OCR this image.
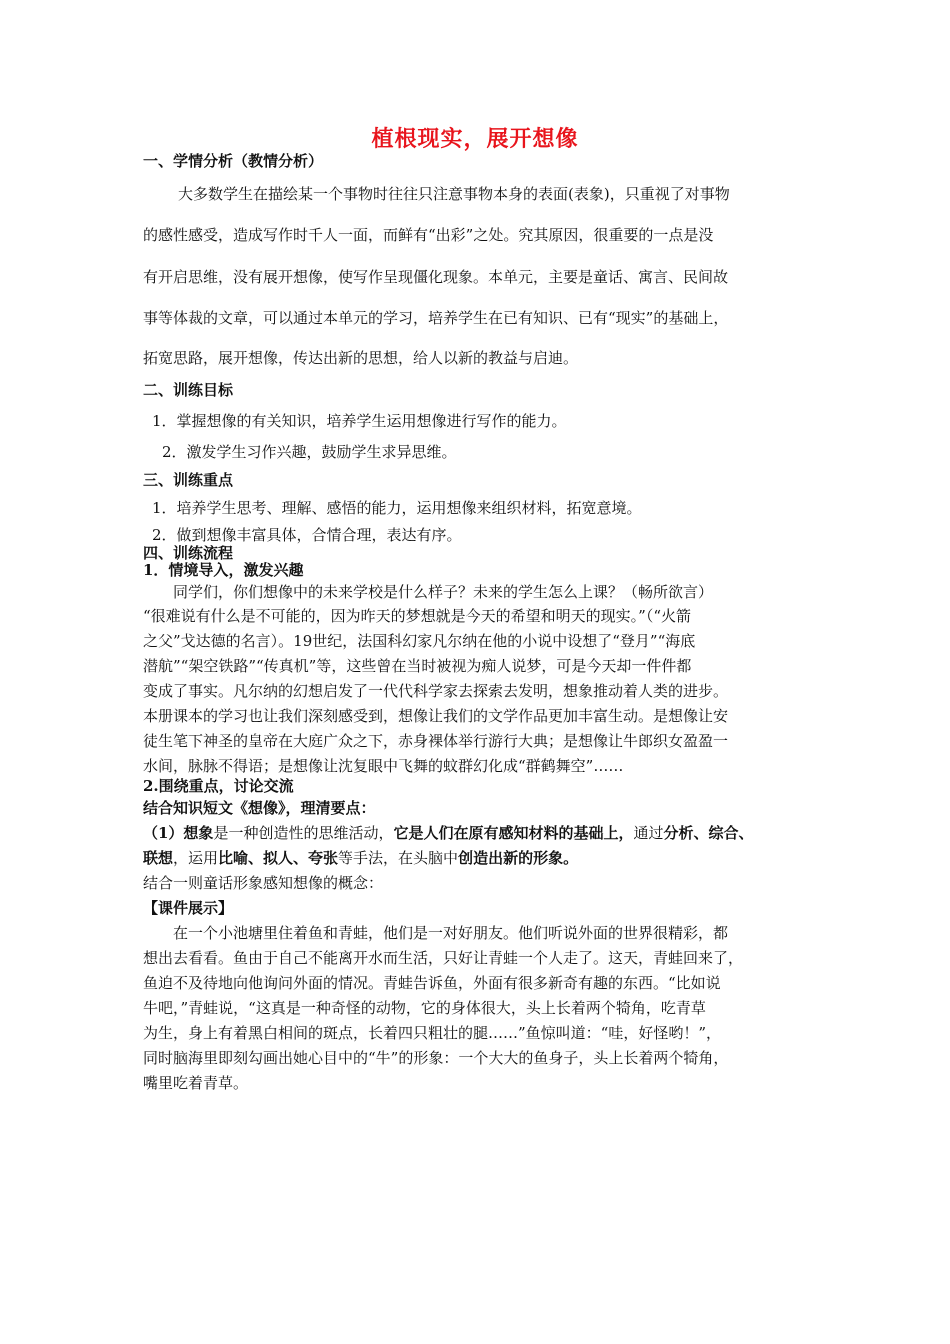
植根现实，展开想像
一、学情分析（教情分析）
大多数学生在描绘某一个事物时往往只注意事物本身的表面(表象)，只重视了对事物
的感性感受，造成写作时千人一面，而鲜有“出彩”之处。究其原因，很重要的一点是没
有开启思维，没有展开想像，使写作呈现僵化现象。本单元，主要是童话、寓言、民间故
事等体裁的文章，可以通过本单元的学习，培养学生在已有知识、已有“现实”的基础上，
拓宽思路，展开想像，传达出新的思想，给人以新的教益与启迪。
二、训练目标
1．掌握想像的有关知识，培养学生运用想像进行写作的能力。
2．激发学生习作兴趣，鼓励学生求异思维。
三、训练重点
1．培养学生思考、理解、感悟的能力，运用想像来组织材料，拓宽意境。
2．做到想像丰富具体，合情合理，表达有序。
四、训练流程
1．情境导入，激发兴趣
　　同学们，你们想像中的未来学校是什么样子？未来的学生怎么上课？（畅所欲言）
“很难说有什么是不可能的，因为昨天的梦想就是今天的希望和明天的现实。”（“火箭
之父”戈达德的名言）。19世纪，法国科幻家凡尔纳在他的小说中设想了“登月”“海底
潜航”“架空铁路”“传真机”等，这些曾在当时被视为痴人说梦，可是今天却一件件都
变成了事实。凡尔纳的幻想启发了一代代科学家去探索去发明，想象推动着人类的进步。
本册课本的学习也让我们深刻感受到，想像让我们的文学作品更加丰富生动。是想像让安
徒生笔下神圣的皇帝在大庭广众之下，赤身裸体举行游行大典；是想像让牛郎织女盈盈一
水间，脉脉不得语；是想像让沈复眼中飞舞的蚊群幻化成“群鹤舞空”……
2.围绕重点，讨论交流
结合知识短文《想像》，理清要点：
（1）想象是一种创造性的思维活动，它是人们在原有感知材料的基础上，通过分析、综合、
联想，运用比喻、拟人、夸张等手法，在头脑中创造出新的形象。
结合一则童话形象感知想像的概念：
【课件展示】
　　在一个小池塘里住着鱼和青蛙，他们是一对好朋友。他们听说外面的世界很精彩，都
想出去看看。鱼由于自己不能离开水而生活，只好让青蛙一个人走了。这天，青蛙回来了，
鱼迫不及待地向他询问外面的情况。青蛙告诉鱼，外面有很多新奇有趣的东西。“比如说
牛吧，”青蛙说，“这真是一种奇怪的动物，它的身体很大，头上长着两个犄角，吃青草
为生，身上有着黑白相间的斑点，长着四只粗壮的腿……”鱼惊叫道：“哇，好怪哟！”，
同时脑海里即刻勾画出她心目中的“牛”的形象：一个大大的鱼身子，头上长着两个犄角，
嘴里吃着青草。
